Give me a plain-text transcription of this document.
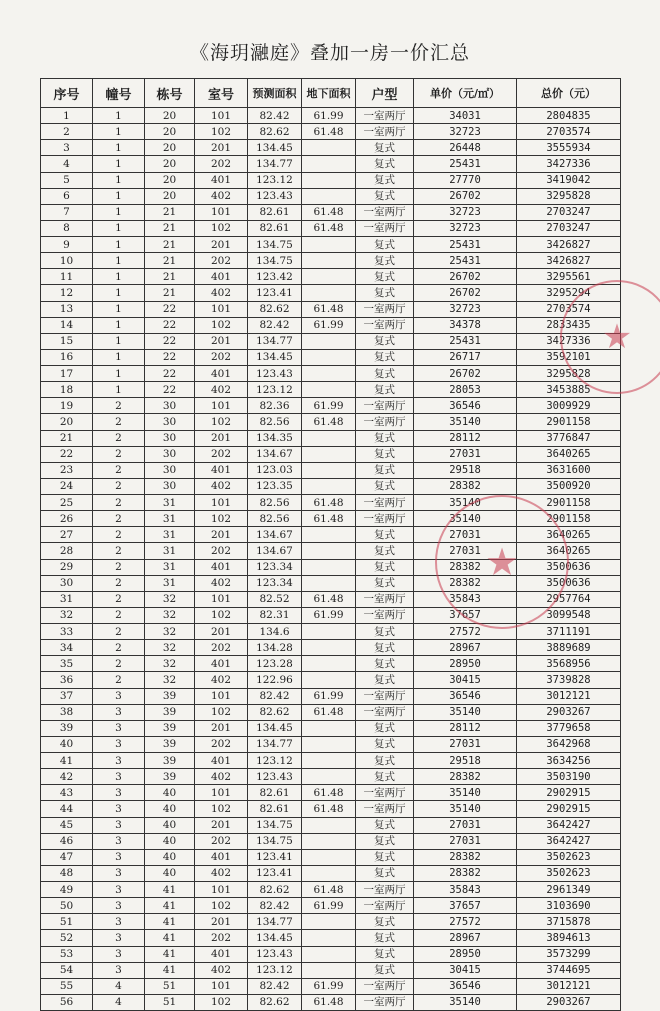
《海玥瀜庭》叠加一房一价汇总
序号	幢号	栋号	室号	预测面积	地下面积	户型	单价（元/㎡）	总价（元）
1	1	20	101	82.42	61.99	一室两厅	34031	2804835
2	1	20	102	82.62	61.48	一室两厅	32723	2703574
3	1	20	201	134.45		复式	26448	3555934
4	1	20	202	134.77		复式	25431	3427336
5	1	20	401	123.12		复式	27770	3419042
6	1	20	402	123.43		复式	26702	3295828
7	1	21	101	82.61	61.48	一室两厅	32723	2703247
8	1	21	102	82.61	61.48	一室两厅	32723	2703247
9	1	21	201	134.75		复式	25431	3426827
10	1	21	202	134.75		复式	25431	3426827
11	1	21	401	123.42		复式	26702	3295561
12	1	21	402	123.41		复式	26702	3295294
13	1	22	101	82.62	61.48	一室两厅	32723	2703574
14	1	22	102	82.42	61.99	一室两厅	34378	2833435
15	1	22	201	134.77		复式	25431	3427336
16	1	22	202	134.45		复式	26717	3592101
17	1	22	401	123.43		复式	26702	3295828
18	1	22	402	123.12		复式	28053	3453885
19	2	30	101	82.36	61.99	一室两厅	36546	3009929
20	2	30	102	82.56	61.48	一室两厅	35140	2901158
21	2	30	201	134.35		复式	28112	3776847
22	2	30	202	134.67		复式	27031	3640265
23	2	30	401	123.03		复式	29518	3631600
24	2	30	402	123.35		复式	28382	3500920
25	2	31	101	82.56	61.48	一室两厅	35140	2901158
26	2	31	102	82.56	61.48	一室两厅	35140	2901158
27	2	31	201	134.67		复式	27031	3640265
28	2	31	202	134.67		复式	27031	3640265
29	2	31	401	123.34		复式	28382	3500636
30	2	31	402	123.34		复式	28382	3500636
31	2	32	101	82.52	61.48	一室两厅	35843	2957764
32	2	32	102	82.31	61.99	一室两厅	37657	3099548
33	2	32	201	134.6		复式	27572	3711191
34	2	32	202	134.28		复式	28967	3889689
35	2	32	401	123.28		复式	28950	3568956
36	2	32	402	122.96		复式	30415	3739828
37	3	39	101	82.42	61.99	一室两厅	36546	3012121
38	3	39	102	82.62	61.48	一室两厅	35140	2903267
39	3	39	201	134.45		复式	28112	3779658
40	3	39	202	134.77		复式	27031	3642968
41	3	39	401	123.12		复式	29518	3634256
42	3	39	402	123.43		复式	28382	3503190
43	3	40	101	82.61	61.48	一室两厅	35140	2902915
44	3	40	102	82.61	61.48	一室两厅	35140	2902915
45	3	40	201	134.75		复式	27031	3642427
46	3	40	202	134.75		复式	27031	3642427
47	3	40	401	123.41		复式	28382	3502623
48	3	40	402	123.41		复式	28382	3502623
49	3	41	101	82.62	61.48	一室两厅	35843	2961349
50	3	41	102	82.42	61.99	一室两厅	37657	3103690
51	3	41	201	134.77		复式	27572	3715878
52	3	41	202	134.45		复式	28967	3894613
53	3	41	401	123.43		复式	28950	3573299
54	3	41	402	123.12		复式	30415	3744695
55	4	51	101	82.42	61.99	一室两厅	36546	3012121
56	4	51	102	82.62	61.48	一室两厅	35140	2903267
★
★
